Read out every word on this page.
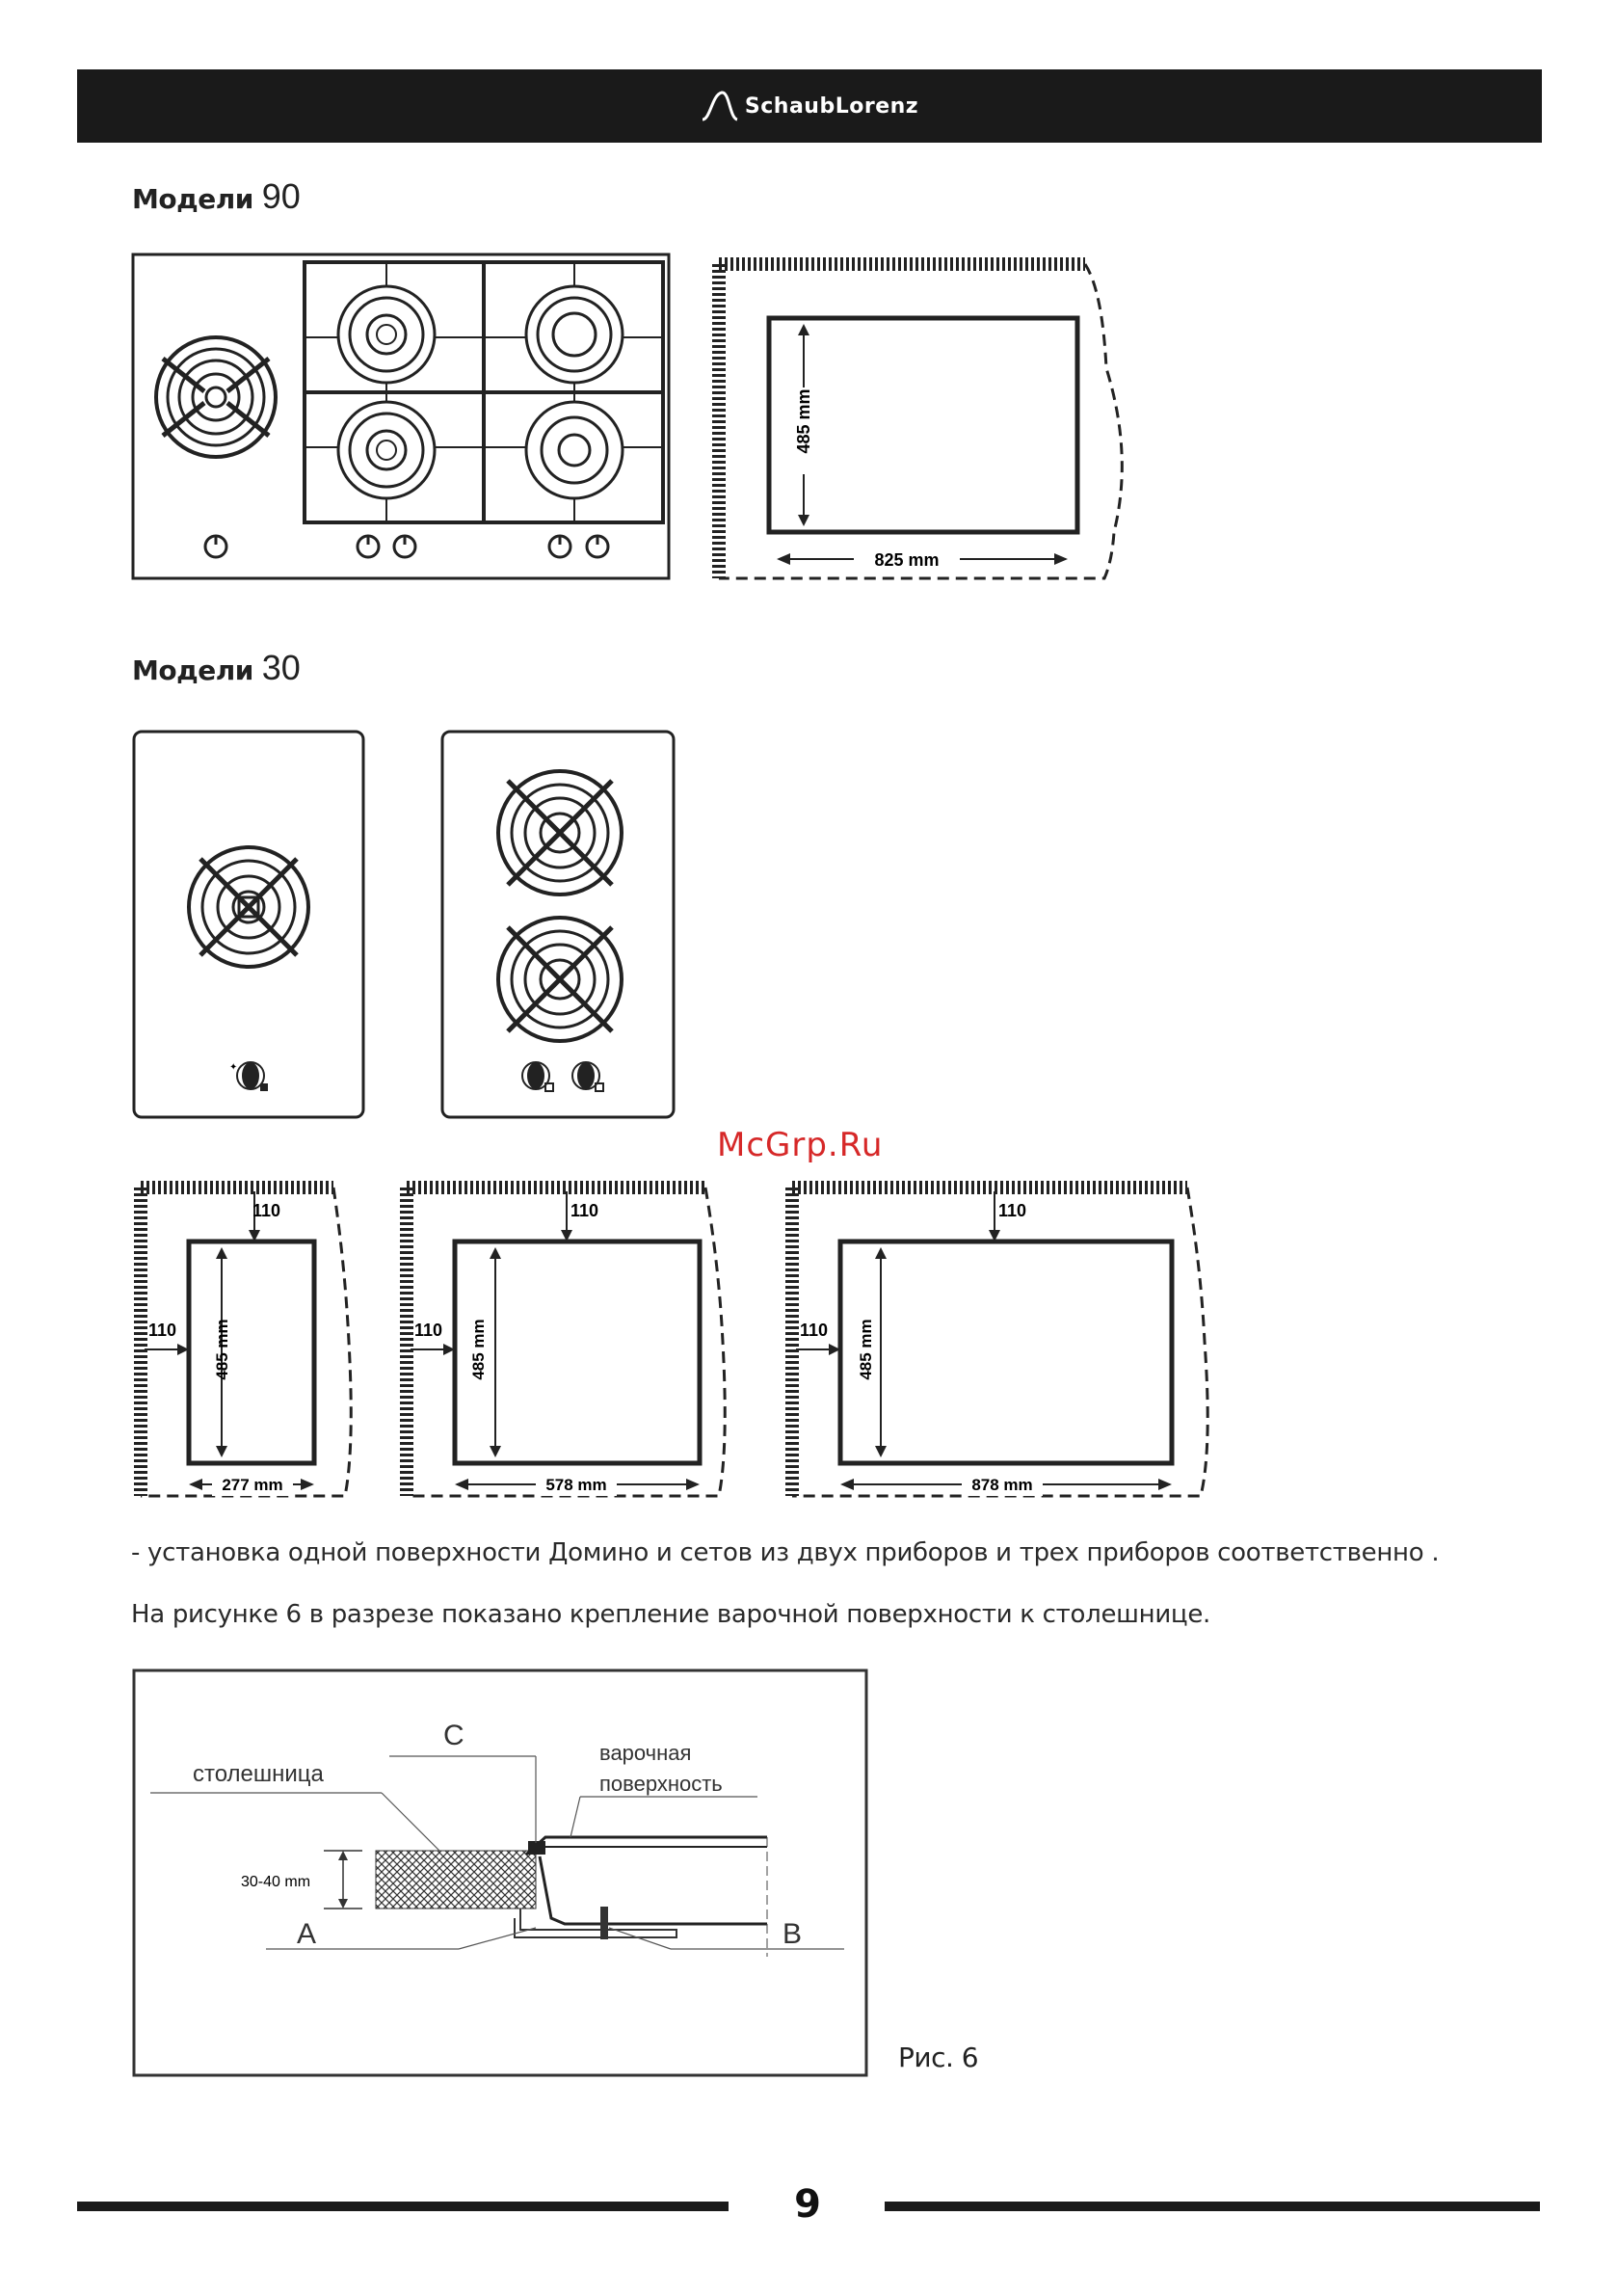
SchaubLorenz
Модели 90
825 mm
485 mm
Модели 30
✦
McGrp.Ru
110
110 485 mm
277 mm
110
110 485 mm
578 mm
110
110 485 mm
878 mm
- установка одной поверхности Домино и сетов из двух приборов и трех приборов соответственно .
На рисунке 6 в разрезе показано крепление варочной поверхности к столешнице.
30-40 mm
столешница
C
варочная
поверхность
A	B
Рис. 6
9
